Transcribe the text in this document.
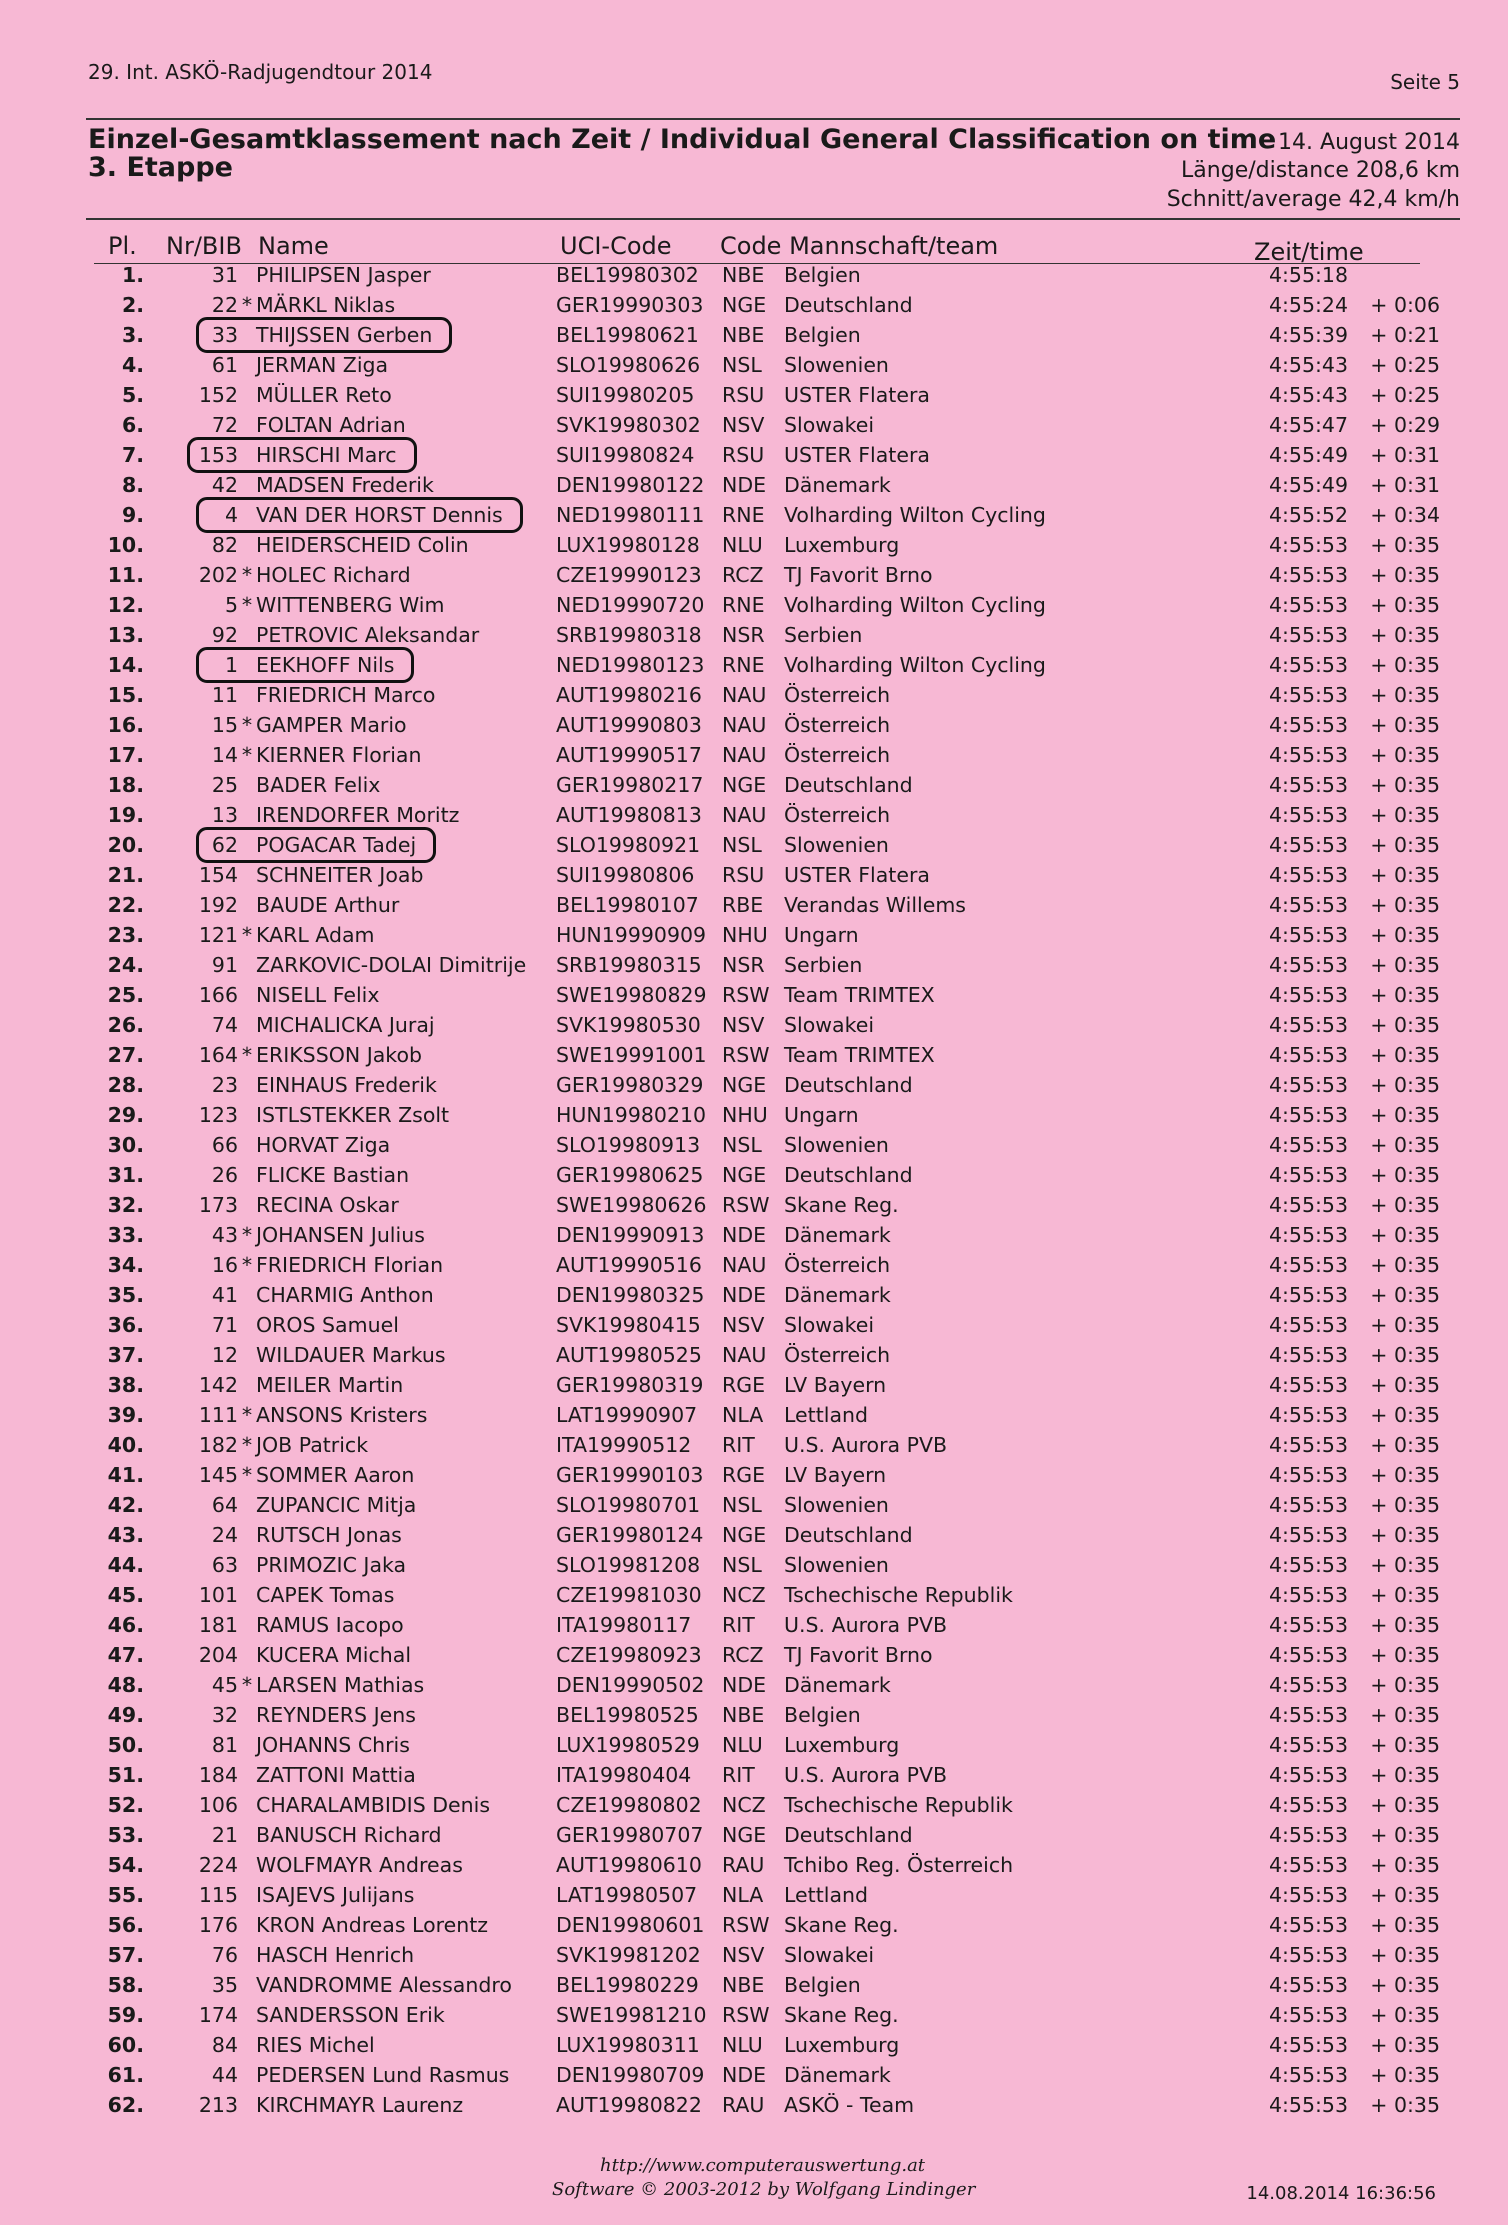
29. Int. ASKÖ-Radjugendtour 2014	Seite 5
Einzel-Gesamtklassement nach Zeit / Individual General Classification on time
3. Etappe
14. August 2014
Länge/distance 208,6 km
Schnitt/average 42,4 km/h
Pl. Nr/BIB Name	UCI-Code Code Mannschaft/team	Zeit/time
1.	31 PHILIPSEN Jasper	BEL19980302 NBE Belgien	4:55:18
2.	22 * MÄRKL Niklas	GER19990303 NGE Deutschland	4:55:24	+ 0:06
3.	33 THIJSSEN Gerben	BEL19980621 NBE Belgien	4:55:39	+ 0:21
4.	61 JERMAN Ziga	SLO19980626 NSL Slowenien	4:55:43	+ 0:25
5.	152 MÜLLER Reto	SUI19980205 RSU USTER Flatera	4:55:43	+ 0:25
6.	72 FOLTAN Adrian	SVK19980302 NSV Slowakei	4:55:47	+ 0:29
7.	153 HIRSCHI Marc	SUI19980824 RSU USTER Flatera	4:55:49	+ 0:31
8.	42 MADSEN Frederik	DEN19980122 NDE Dänemark	4:55:49	+ 0:31
9.	4 VAN DER HORST Dennis	NED19980111 RNE Volharding Wilton Cycling	4:55:52	+ 0:34
10.	82 HEIDERSCHEID Colin	LUX19980128 NLU Luxemburg	4:55:53	+ 0:35
11.	202 * HOLEC Richard	CZE19990123 RCZ TJ Favorit Brno	4:55:53	+ 0:35
12.	5 * WITTENBERG Wim	NED19990720 RNE Volharding Wilton Cycling	4:55:53	+ 0:35
13.	92 PETROVIC Aleksandar	SRB19980318 NSR Serbien	4:55:53	+ 0:35
14.	1 EEKHOFF Nils	NED19980123 RNE Volharding Wilton Cycling	4:55:53	+ 0:35
15.	11 FRIEDRICH Marco	AUT19980216 NAU Österreich	4:55:53	+ 0:35
16.	15 * GAMPER Mario	AUT19990803 NAU Österreich	4:55:53	+ 0:35
17.	14 * KIERNER Florian	AUT19990517 NAU Österreich	4:55:53	+ 0:35
18.	25 BADER Felix	GER19980217 NGE Deutschland	4:55:53	+ 0:35
19.	13 IRENDORFER Moritz	AUT19980813 NAU Österreich	4:55:53	+ 0:35
20.	62 POGACAR Tadej	SLO19980921 NSL Slowenien	4:55:53	+ 0:35
21.	154 SCHNEITER Joab	SUI19980806 RSU USTER Flatera	4:55:53	+ 0:35
22.	192 BAUDE Arthur	BEL19980107 RBE Verandas Willems	4:55:53	+ 0:35
23.	121 * KARL Adam	HUN19990909 NHU Ungarn	4:55:53	+ 0:35
24.	91 ZARKOVIC-DOLAI Dimitrije SRB19980315 NSR Serbien	4:55:53	+ 0:35
25.	166 NISELL Felix	SWE19980829 RSW Team TRIMTEX	4:55:53	+ 0:35
26.	74 MICHALICKA Juraj	SVK19980530 NSV Slowakei	4:55:53	+ 0:35
27.	164 * ERIKSSON Jakob	SWE19991001 RSW Team TRIMTEX	4:55:53	+ 0:35
28.	23 EINHAUS Frederik	GER19980329 NGE Deutschland	4:55:53	+ 0:35
29.	123 ISTLSTEKKER Zsolt	HUN19980210 NHU Ungarn	4:55:53	+ 0:35
30.	66 HORVAT Ziga	SLO19980913 NSL Slowenien	4:55:53	+ 0:35
31.	26 FLICKE Bastian	GER19980625 NGE Deutschland	4:55:53	+ 0:35
32.	173 RECINA Oskar	SWE19980626 RSW Skane Reg.	4:55:53	+ 0:35
33.	43 * JOHANSEN Julius	DEN19990913 NDE Dänemark	4:55:53	+ 0:35
34.	16 * FRIEDRICH Florian	AUT19990516 NAU Österreich	4:55:53	+ 0:35
35.	41 CHARMIG Anthon	DEN19980325 NDE Dänemark	4:55:53	+ 0:35
36.	71 OROS Samuel	SVK19980415 NSV Slowakei	4:55:53	+ 0:35
37.	12 WILDAUER Markus	AUT19980525 NAU Österreich	4:55:53	+ 0:35
38.	142 MEILER Martin	GER19980319 RGE LV Bayern	4:55:53	+ 0:35
39.	111 * ANSONS Kristers	LAT19990907 NLA Lettland	4:55:53	+ 0:35
40.	182 * JOB Patrick	ITA19990512 RIT U.S. Aurora PVB	4:55:53	+ 0:35
41.	145 * SOMMER Aaron	GER19990103 RGE LV Bayern	4:55:53	+ 0:35
42.	64 ZUPANCIC Mitja	SLO19980701 NSL Slowenien	4:55:53	+ 0:35
43.	24 RUTSCH Jonas	GER19980124 NGE Deutschland	4:55:53	+ 0:35
44.	63 PRIMOZIC Jaka	SLO19981208 NSL Slowenien	4:55:53	+ 0:35
45.	101 CAPEK Tomas	CZE19981030 NCZ Tschechische Republik	4:55:53	+ 0:35
46.	181 RAMUS Iacopo	ITA19980117 RIT U.S. Aurora PVB	4:55:53	+ 0:35
47.	204 KUCERA Michal	CZE19980923 RCZ TJ Favorit Brno	4:55:53	+ 0:35
48.	45 * LARSEN Mathias	DEN19990502 NDE Dänemark	4:55:53	+ 0:35
49.	32 REYNDERS Jens	BEL19980525 NBE Belgien	4:55:53	+ 0:35
50.	81 JOHANNS Chris	LUX19980529 NLU Luxemburg	4:55:53	+ 0:35
51.	184 ZATTONI Mattia	ITA19980404 RIT U.S. Aurora PVB	4:55:53	+ 0:35
52.	106 CHARALAMBIDIS Denis	CZE19980802 NCZ Tschechische Republik	4:55:53	+ 0:35
53.	21 BANUSCH Richard	GER19980707 NGE Deutschland	4:55:53	+ 0:35
54.	224 WOLFMAYR Andreas	AUT19980610 RAU Tchibo Reg. Österreich	4:55:53	+ 0:35
55.	115 ISAJEVS Julijans	LAT19980507 NLA Lettland	4:55:53	+ 0:35
56.	176 KRON Andreas Lorentz	DEN19980601 RSW Skane Reg.	4:55:53	+ 0:35
57.	76 HASCH Henrich	SVK19981202 NSV Slowakei	4:55:53	+ 0:35
58.	35 VANDROMME Alessandro BEL19980229 NBE Belgien	4:55:53	+ 0:35
59.	174 SANDERSSON Erik	SWE19981210 RSW Skane Reg.	4:55:53	+ 0:35
60.	84 RIES Michel	LUX19980311 NLU Luxemburg	4:55:53	+ 0:35
61.	44 PEDERSEN Lund Rasmus DEN19980709 NDE Dänemark	4:55:53	+ 0:35
62.	213 KIRCHMAYR Laurenz	AUT19980822 RAU ASKÖ - Team	4:55:53	+ 0:35
http://www.computerauswertung.at
Software © 2003-2012 by Wolfgang Lindinger	14.08.2014 16:36:56
